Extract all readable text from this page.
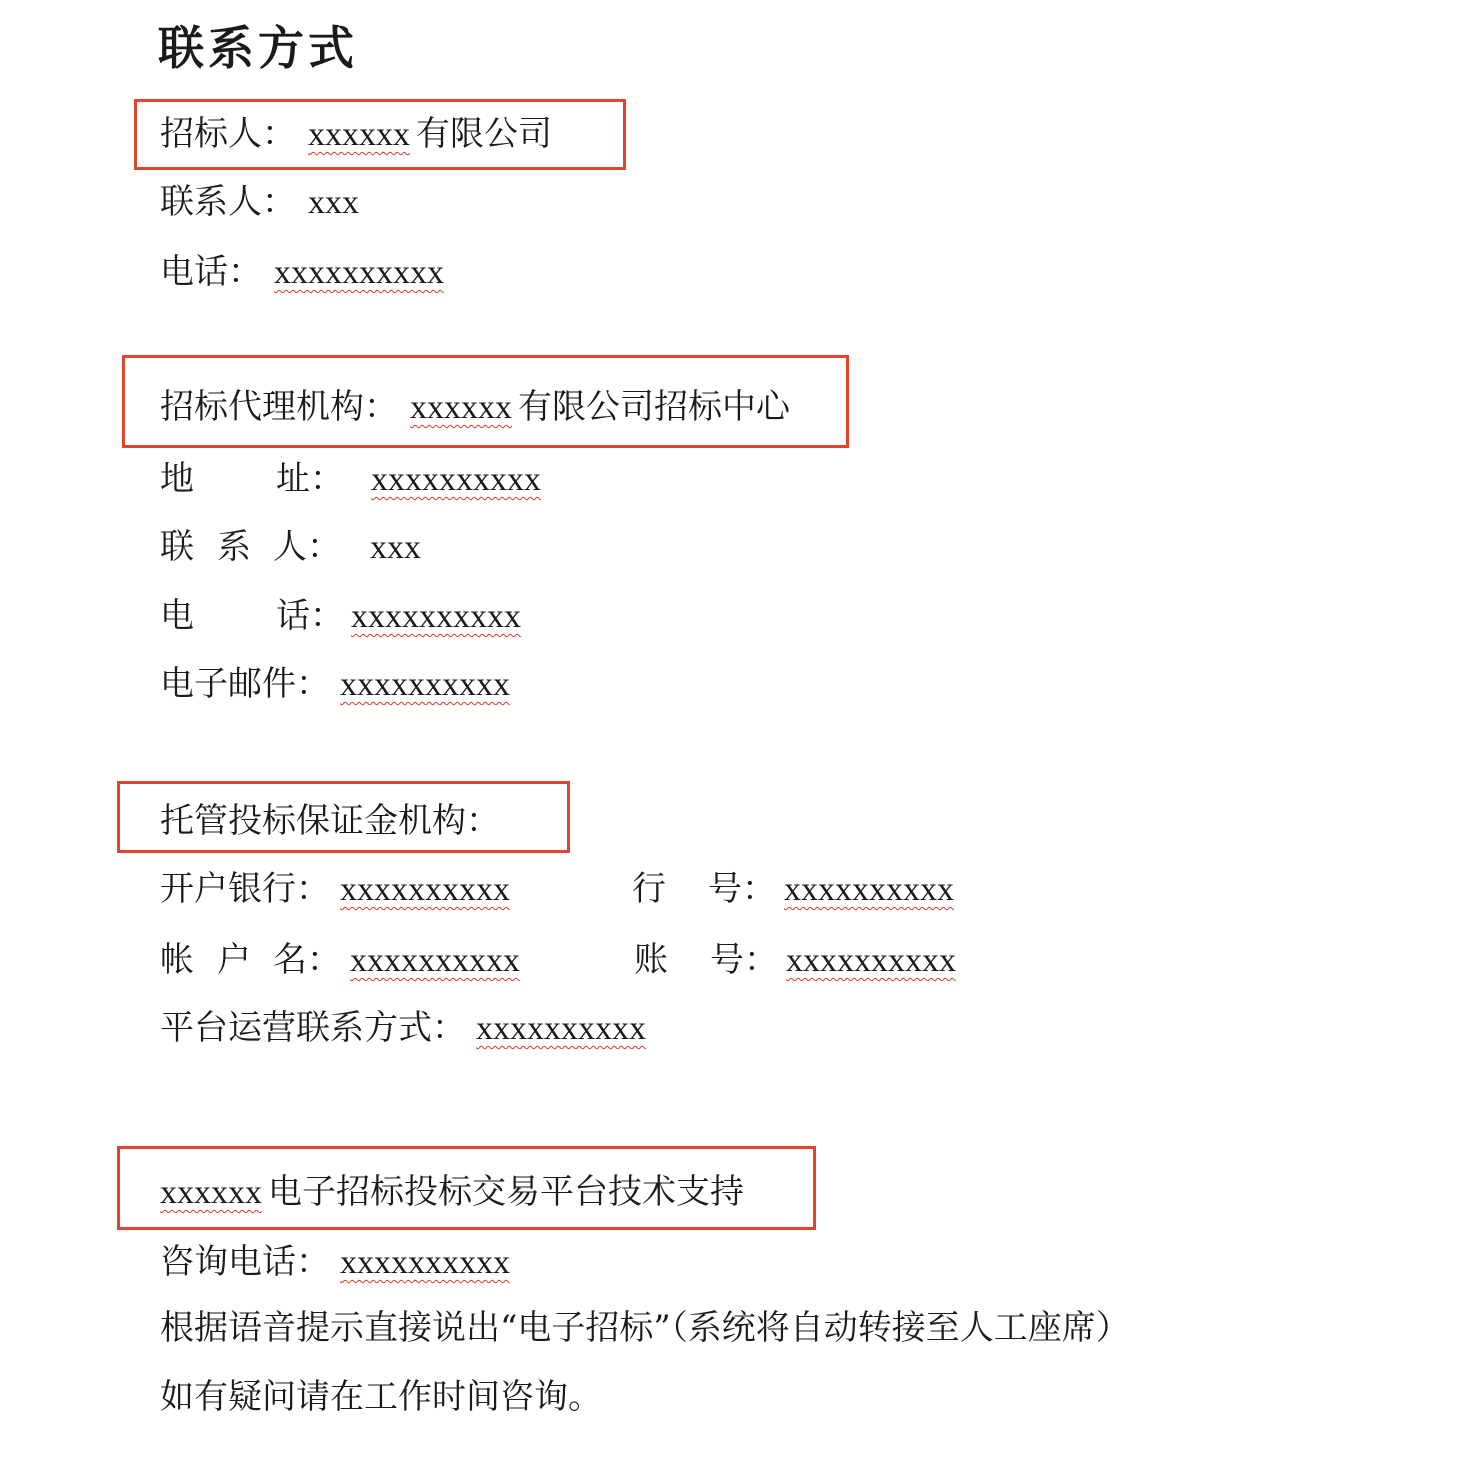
联系方式
招标人： xxxxxx 有限公司
联系人： xxx
电话： xxxxxxxxxx
招标代理机构： xxxxxx 有限公司招标中心
地 址： xxxxxxxxxx
联 系 人： xxx
电 话： xxxxxxxxxx
电子邮件： xxxxxxxxxx
托管投标保证金机构：
开户银行： xxxxxxxxxx	行 号： xxxxxxxxxx
帐 户 名： xxxxxxxxxx	账 号： xxxxxxxxxx
平台运营联系方式： xxxxxxxxxx
xxxxxx 电子招标投标交易平台技术支持
咨询电话： xxxxxxxxxx
根据语音提示直接说出“电子招标”（系统将自动转接至人工座席）
如有疑问请在工作时间咨询。
